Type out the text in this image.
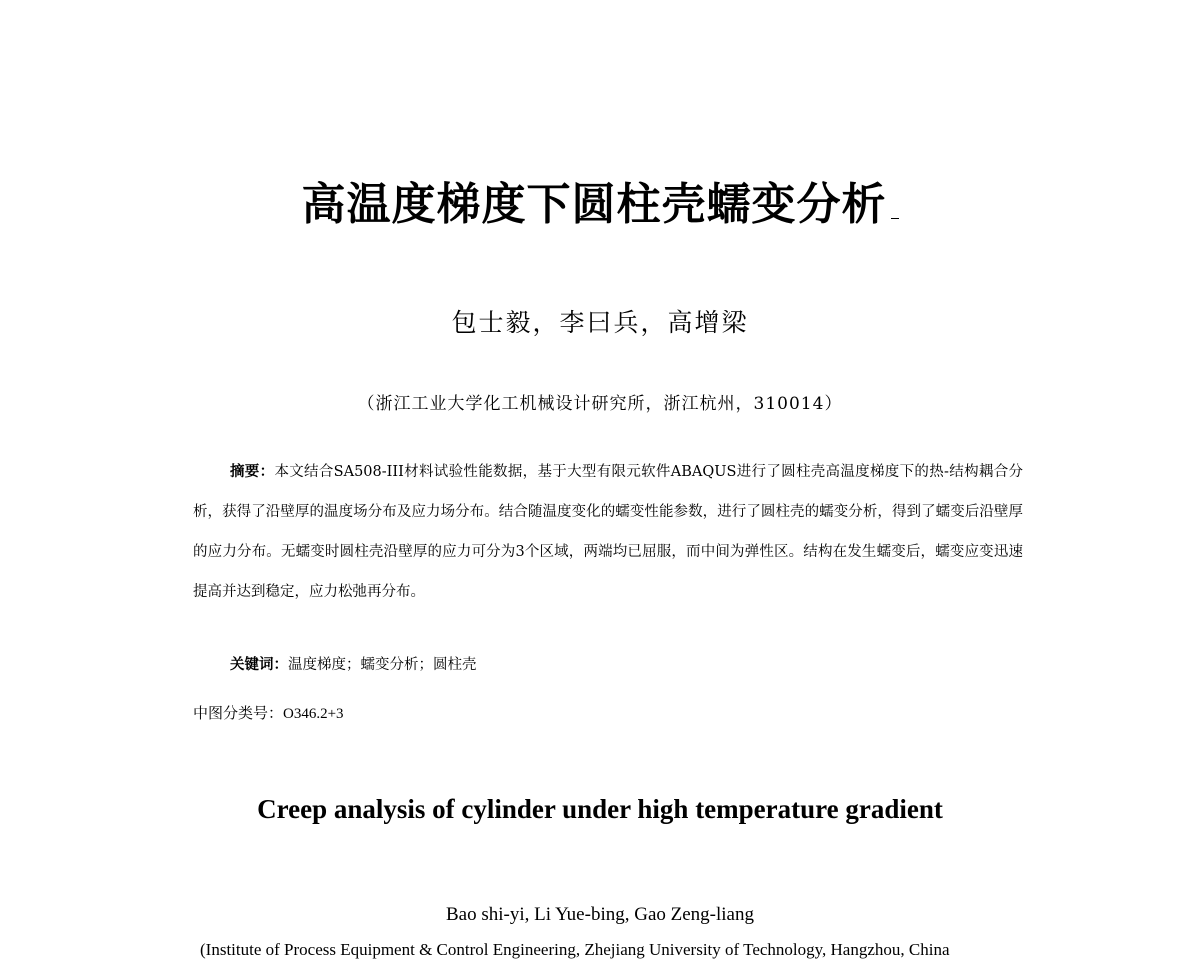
高温度梯度下圆柱壳蠕变分析
包士毅，李曰兵，高增梁
（浙江工业大学化工机械设计研究所，浙江杭州，310014）
摘要：本文结合SA508-III材料试验性能数据，基于大型有限元软件ABAQUS进行了圆柱壳高温度梯度下的热-结构耦合分析，获得了沿壁厚的温度场分布及应力场分布。结合随温度变化的蠕变性能参数，进行了圆柱壳的蠕变分析，得到了蠕变后沿壁厚的应力分布。无蠕变时圆柱壳沿壁厚的应力可分为3个区域，两端均已屈服，而中间为弹性区。结构在发生蠕变后，蠕变应变迅速提高并达到稳定，应力松弛再分布。
关键词：温度梯度；蠕变分析；圆柱壳
中图分类号：O346.2+3
Creep analysis of cylinder under high temperature gradient
Bao shi-yi, Li Yue-bing, Gao Zeng-liang
(Institute of Process Equipment & Control Engineering, Zhejiang University of Technology, Hangzhou, China
